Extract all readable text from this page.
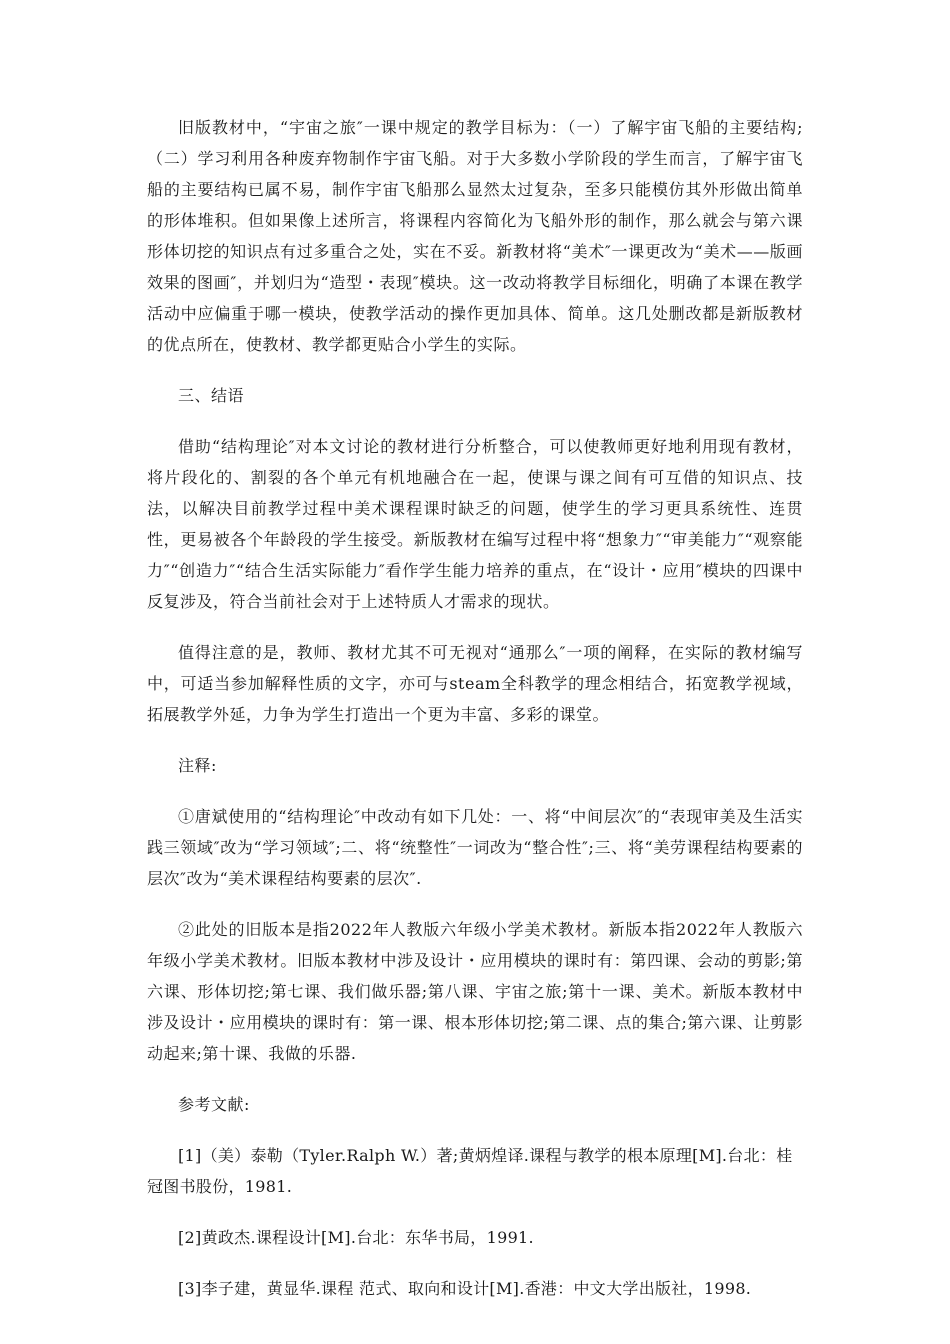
旧版教材中，“宇宙之旅″一课中规定的教学目标为：（一）了解宇宙飞船的主要结构;（二）学习利用各种废弃物制作宇宙飞船。对于大多数小学阶段的学生而言，了解宇宙飞船的主要结构已属不易，制作宇宙飞船那么显然太过复杂，至多只能模仿其外形做出简单的形体堆积。但如果像上述所言，将课程内容简化为飞船外形的制作，那么就会与第六课形体切挖的知识点有过多重合之处，实在不妥。新教材将“美术″一课更改为“美术——版画效果的图画″，并划归为“造型・表现″模块。这一改动将教学目标细化，明确了本课在教学活动中应偏重于哪一模块，使教学活动的操作更加具体、简单。这几处删改都是新版教材的优点所在，使教材、教学都更贴合小学生的实际。

三、结语

借助“结构理论″对本文讨论的教材进行分析整合，可以使教师更好地利用现有教材，将片段化的、割裂的各个单元有机地融合在一起，使课与课之间有可互借的知识点、技法，以解决目前教学过程中美术课程课时缺乏的问题，使学生的学习更具系统性、连贯性，更易被各个年龄段的学生接受。新版教材在编写过程中将“想象力″“审美能力″“观察能力″“创造力″“结合生活实际能力″看作学生能力培养的重点，在“设计・应用″模块的四课中反复涉及，符合当前社会对于上述特质人才需求的现状。

值得注意的是，教师、教材尤其不可无视对“通那么″一项的阐释，在实际的教材编写中，可适当参加解释性质的文字，亦可与steam全科教学的理念相结合，拓宽教学视域，拓展教学外延，力争为学生打造出一个更为丰富、多彩的课堂。

注释:

①唐斌使用的“结构理论″中改动有如下几处：一、将“中间层次″的“表现审美及生活实践三领域″改为“学习领域″;二、将“统整性″一词改为“整合性″;三、将“美劳课程结构要素的层次″改为“美术课程结构要素的层次″.

②此处的旧版本是指2022年人教版六年级小学美术教材。新版本指2022年人教版六年级小学美术教材。旧版本教材中涉及设计・应用模块的课时有：第四课、会动的剪影;第六课、形体切挖;第七课、我们做乐器;第八课、宇宙之旅;第十一课、美术。新版本教材中涉及设计・应用模块的课时有：第一课、根本形体切挖;第二课、点的集合;第六课、让剪影动起来;第十课、我做的乐器.

参考文献:

[1]（美）泰勒（Tyler.Ralph W.）著;黄炳煌译.课程与教学的根本原理[M].台北：桂冠图书股份，1981.

[2]黄政杰.课程设计[M].台北：东华书局，1991.

[3]李子建，黄显华.课程 范式、取向和设计[M].香港：中文大学出版社，1998.
